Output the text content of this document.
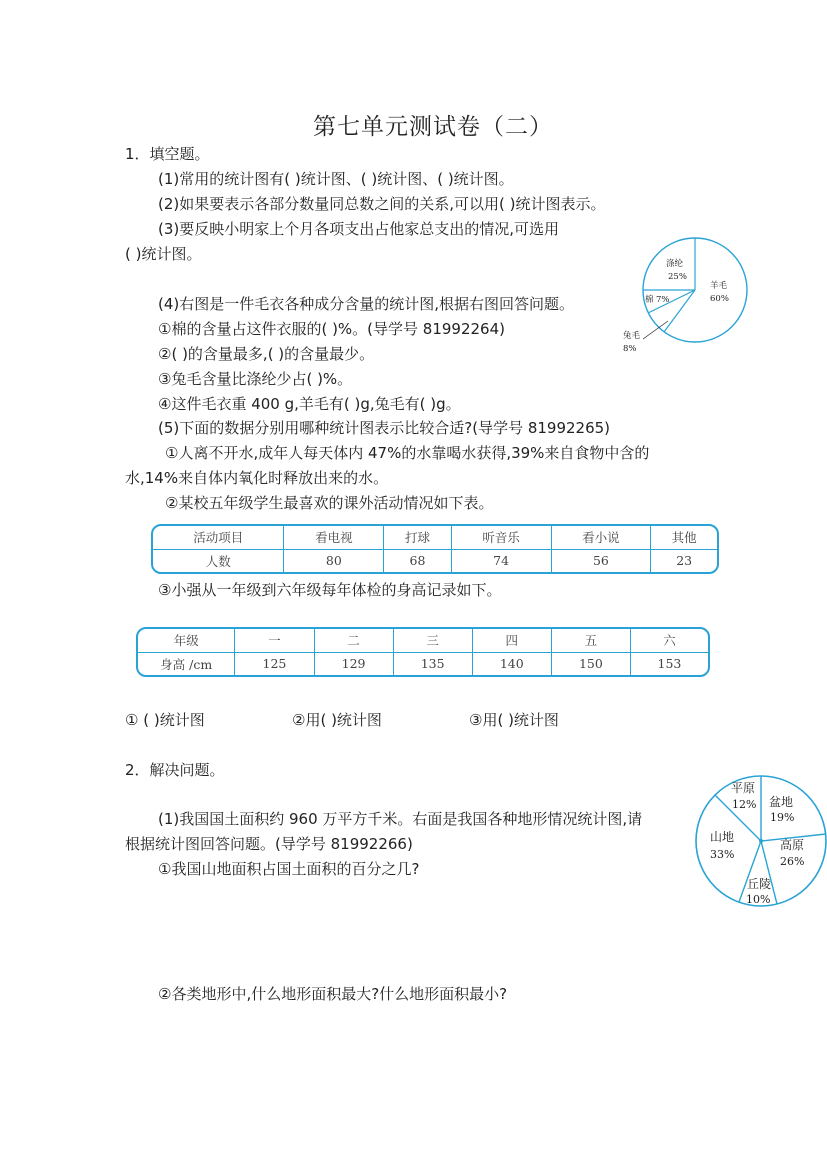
第七单元测试卷（二）
1．填空题。
(1)常用的统计图有( )统计图、( )统计图、( )统计图。
(2)如果要表示各部分数量同总数之间的关系,可以用( )统计图表示。
(3)要反映小明家上个月各项支出占他家总支出的情况,可选用
( )统计图。
(4)右图是一件毛衣各种成分含量的统计图,根据右图回答问题。
①棉的含量占这件衣服的( )%。(导学号 81992264)
②( )的含量最多,( )的含量最少。
③兔毛含量比涤纶少占( )%。
④这件毛衣重 400 g,羊毛有( )g,兔毛有( )g。
(5)下面的数据分别用哪种统计图表示比较合适?(导学号 81992265)
①人离不开水,成年人每天体内 47%的水靠喝水获得,39%来自食物中含的
水,14%来自体内氧化时释放出来的水。
②某校五年级学生最喜欢的课外活动情况如下表。
羊毛
60%
涤纶
25%
棉 7%
兔毛
8%
活动项目	看电视	打球	听音乐	看小说	其他
人数	80	68	74	56	23
③小强从一年级到六年级每年体检的身高记录如下。
年级	一	二	三	四	五	六
身高 /cm	125	129	135	140	150	153
① ( )统计图	②用( )统计图	③用( )统计图
2．解决问题。
(1)我国国土面积约 960 万平方千米。右面是我国各种地形情况统计图,请
根据统计图回答问题。(导学号 81992266)
①我国山地面积占国土面积的百分之几?
②各类地形中,什么地形面积最大?什么地形面积最小?
平原
12% 盆地
19%
高原
26%
丘陵
10%
山地
33%
